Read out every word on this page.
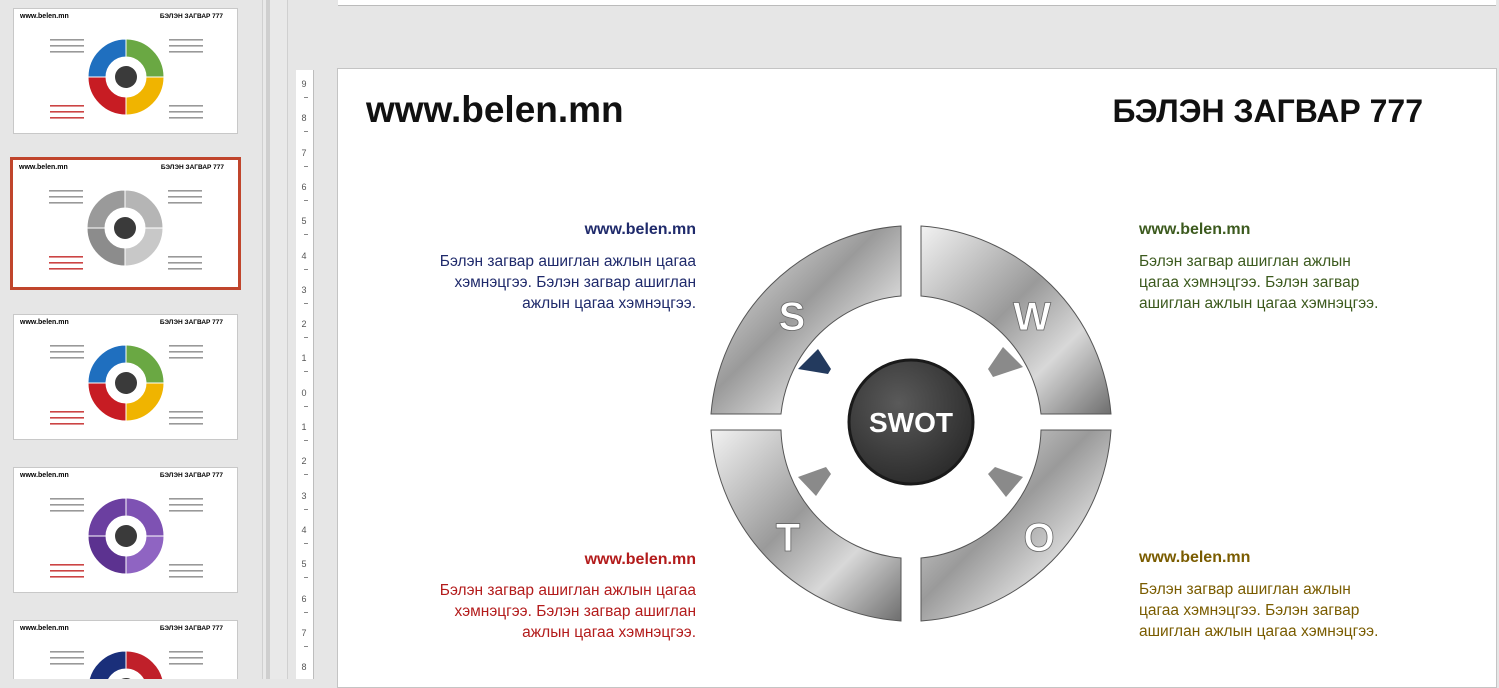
www.belen.mn	БЭЛЭН ЗАГВАР 777
www.belen.mn	БЭЛЭН ЗАГВАР 777
www.belen.mn	БЭЛЭН ЗАГВАР 777
www.belen.mn	БЭЛЭН ЗАГВАР 777
www.belen.mn	БЭЛЭН ЗАГВАР 777
9
8
7
6
5
4
3
2
1
0
1
2
3
4
5
6
7
8
www.belen.mn	БЭЛЭН ЗАГВАР 777
www.belen.mn
Бэлэн загвар ашиглан ажлын цагаа хэмнэцгээ. Бэлэн загвар ашиглан ажлын цагаа хэмнэцгээ.
www.belen.mn
Бэлэн загвар ашиглан ажлын цагаа хэмнэцгээ. Бэлэн загвар ашиглан ажлын цагаа хэмнэцгээ.
www.belen.mn
Бэлэн загвар ашиглан ажлын цагаа хэмнэцгээ. Бэлэн загвар ашиглан ажлын цагаа хэмнэцгээ.
www.belen.mn
Бэлэн загвар ашиглан ажлын цагаа хэмнэцгээ. Бэлэн загвар ашиглан ажлын цагаа хэмнэцгээ.
SWOT
S	W
T	O
